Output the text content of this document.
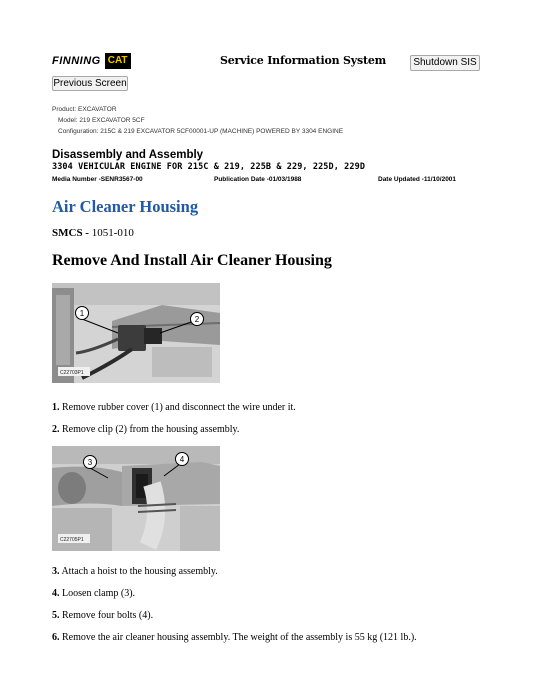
FINNING CAT	Service Information System	Shutdown SIS
Previous Screen
Product: EXCAVATOR
Model: 219 EXCAVATOR 5CF
Configuration: 215C & 219 EXCAVATOR 5CF00001-UP (MACHINE) POWERED BY 3304 ENGINE
Disassembly and Assembly
3304 VEHICULAR ENGINE FOR 215C & 219, 225B & 229, 225D, 229D
Media Number -SENR3567-00	Publication Date -01/03/1988	Date Updated -11/10/2001
Air Cleaner Housing
SMCS - 1051-010
Remove And Install Air Cleaner Housing
1
2
C22703P1
3	4
C22705P1
1. Remove rubber cover (1) and disconnect the wire under it.
2. Remove clip (2) from the housing assembly.
3. Attach a hoist to the housing assembly.
4. Loosen clamp (3).
5. Remove four bolts (4).
6. Remove the air cleaner housing assembly. The weight of the assembly is 55 kg (121 lb.).
